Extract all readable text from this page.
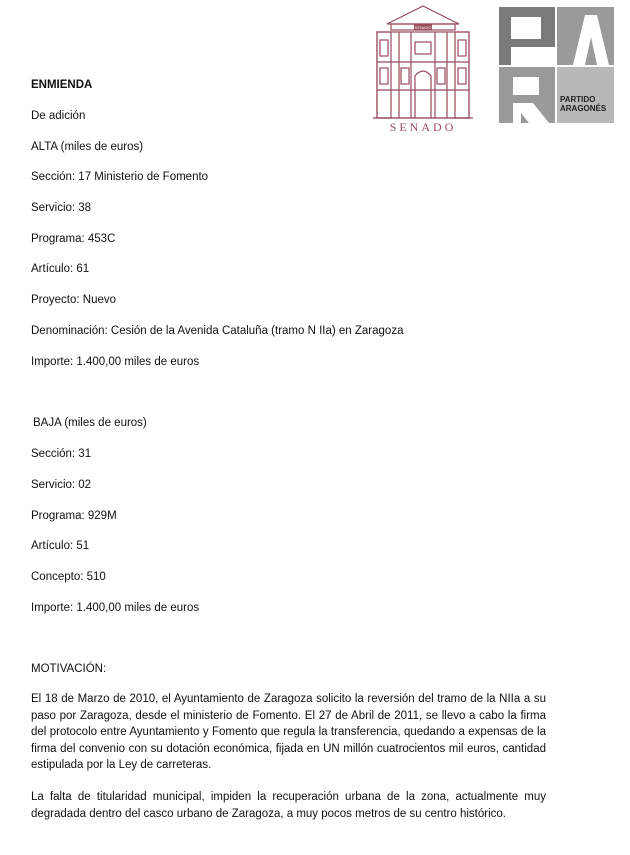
SENADO
SENADO
PARTIDO
ARAGONÉS
ENMIENDA
De adición
ALTA (miles de euros)
Sección: 17 Ministerio de Fomento
Servicio: 38
Programa: 453C
Artículo: 61
Proyecto: Nuevo
Denominación: Cesión de la Avenida Cataluña (tramo N IIa) en Zaragoza
Importe: 1.400,00 miles de euros
BAJA (miles de euros)
Sección: 31
Servicio: 02
Programa: 929M
Artículo: 51
Concepto: 510
Importe: 1.400,00 miles de euros
MOTIVACIÓN:
El 18 de Marzo de 2010, el Ayuntamiento de Zaragoza solicito la reversión del tramo de la NIIa a su paso por Zaragoza, desde el ministerio de Fomento. El 27 de Abril de 2011, se llevo a cabo la firma del protocolo entre Ayuntamiento y Fomento que regula la transferencia, quedando a expensas de la firma del convenio con su dotación económica, fijada en UN millón cuatrocientos mil euros, cantidad estipulada por la Ley de carreteras.
La falta de titularidad municipal, impiden la recuperación urbana de la zona, actualmente muy degradada dentro del casco urbano de Zaragoza, a muy pocos metros de su centro histórico.
